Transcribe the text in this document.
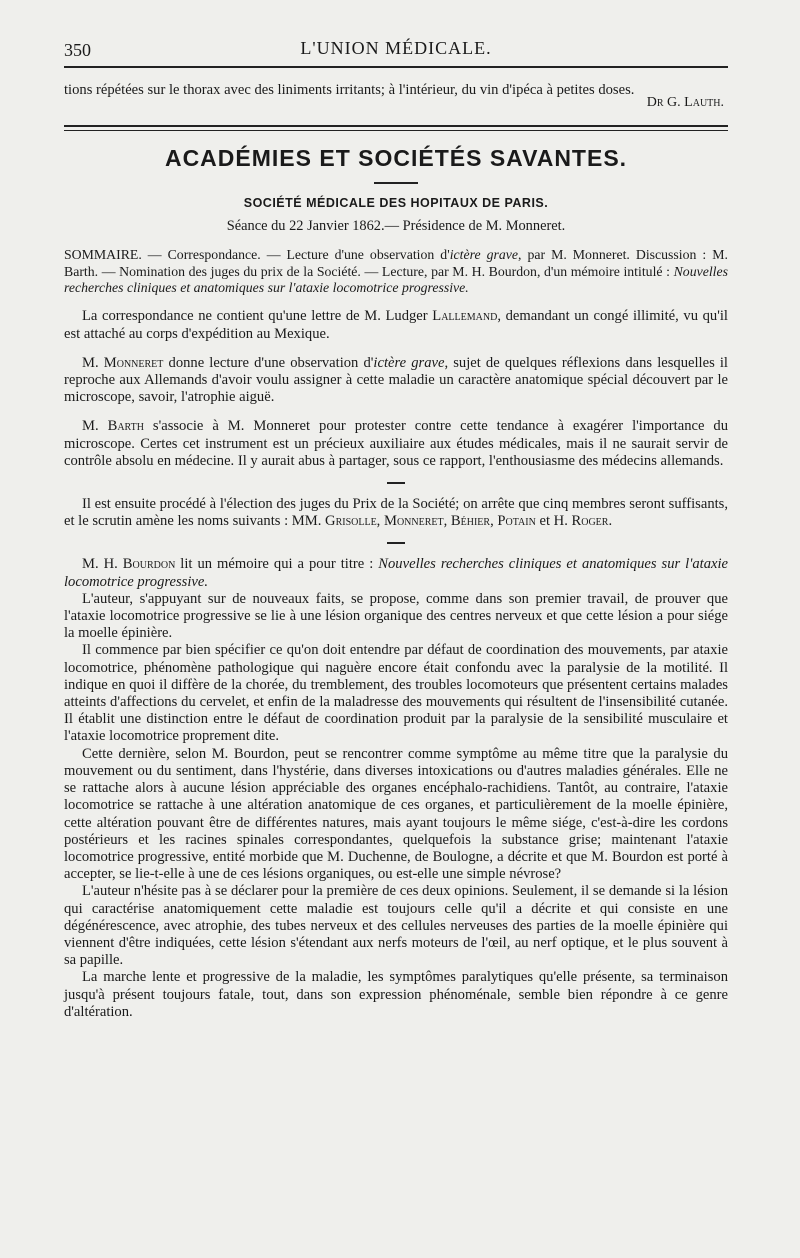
350	L'UNION MÉDICALE.

tions répétées sur le thorax avec des liniments irritants; à l'intérieur, du vin d'ipéca à petites doses.

Dr G. Lauth.

ACADÉMIES ET SOCIÉTÉS SAVANTES.
SOCIÉTÉ MÉDICALE DES HOPITAUX DE PARIS.

Séance du 22 Janvier 1862.— Présidence de M. Monneret.

SOMMAIRE. — Correspondance. — Lecture d'une observation d'ictère grave, par M. Monneret. Discussion : M. Barth. — Nomination des juges du prix de la Société. — Lecture, par M. H. Bourdon, d'un mémoire intitulé : Nouvelles recherches cliniques et anatomiques sur l'ataxie locomotrice progressive.

La correspondance ne contient qu'une lettre de M. Ludger Lallemand, demandant un congé illimité, vu qu'il est attaché au corps d'expédition au Mexique.

M. Monneret donne lecture d'une observation d'ictère grave, sujet de quelques réflexions dans lesquelles il reproche aux Allemands d'avoir voulu assigner à cette maladie un caractère anatomique spécial découvert par le microscope, savoir, l'atrophie aiguë.

M. Barth s'associe à M. Monneret pour protester contre cette tendance à exagérer l'importance du microscope. Certes cet instrument est un précieux auxiliaire aux études médicales, mais il ne saurait servir de contrôle absolu en médecine. Il y aurait abus à partager, sous ce rapport, l'enthousiasme des médecins allemands.

Il est ensuite procédé à l'élection des juges du Prix de la Société; on arrête que cinq membres seront suffisants, et le scrutin amène les noms suivants : MM. Grisolle, Monneret, Béhier, Potain et H. Roger.

M. H. Bourdon lit un mémoire qui a pour titre : Nouvelles recherches cliniques et anatomiques sur l'ataxie locomotrice progressive.

L'auteur, s'appuyant sur de nouveaux faits, se propose, comme dans son premier travail, de prouver que l'ataxie locomotrice progressive se lie à une lésion organique des centres nerveux et que cette lésion a pour siége la moelle épinière.

Il commence par bien spécifier ce qu'on doit entendre par défaut de coordination des mouvements, par ataxie locomotrice, phénomène pathologique qui naguère encore était confondu avec la paralysie de la motilité. Il indique en quoi il diffère de la chorée, du tremblement, des troubles locomoteurs que présentent certains malades atteints d'affections du cervelet, et enfin de la maladresse des mouvements qui résultent de l'insensibilité cutanée. Il établit une distinction entre le défaut de coordination produit par la paralysie de la sensibilité musculaire et l'ataxie locomotrice proprement dite.

Cette dernière, selon M. Bourdon, peut se rencontrer comme symptôme au même titre que la paralysie du mouvement ou du sentiment, dans l'hystérie, dans diverses intoxications ou d'autres maladies générales. Elle ne se rattache alors à aucune lésion appréciable des organes encéphalo-rachidiens. Tantôt, au contraire, l'ataxie locomotrice se rattache à une altération anatomique de ces organes, et particulièrement de la moelle épinière, cette altération pouvant être de différentes natures, mais ayant toujours le même siége, c'est-à-dire les cordons postérieurs et les racines spinales correspondantes, quelquefois la substance grise; maintenant l'ataxie locomotrice progressive, entité morbide que M. Duchenne, de Boulogne, a décrite et que M. Bourdon est porté à accepter, se lie-t-elle à une de ces lésions organiques, ou est-elle une simple névrose?

L'auteur n'hésite pas à se déclarer pour la première de ces deux opinions. Seulement, il se demande si la lésion qui caractérise anatomiquement cette maladie est toujours celle qu'il a décrite et qui consiste en une dégénérescence, avec atrophie, des tubes nerveux et des cellules nerveuses des parties de la moelle épinière qui viennent d'être indiquées, cette lésion s'étendant aux nerfs moteurs de l'œil, au nerf optique, et le plus souvent à sa papille.

La marche lente et progressive de la maladie, les symptômes paralytiques qu'elle présente, sa terminaison jusqu'à présent toujours fatale, tout, dans son expression phénoménale, semble bien répondre à ce genre d'altération.
